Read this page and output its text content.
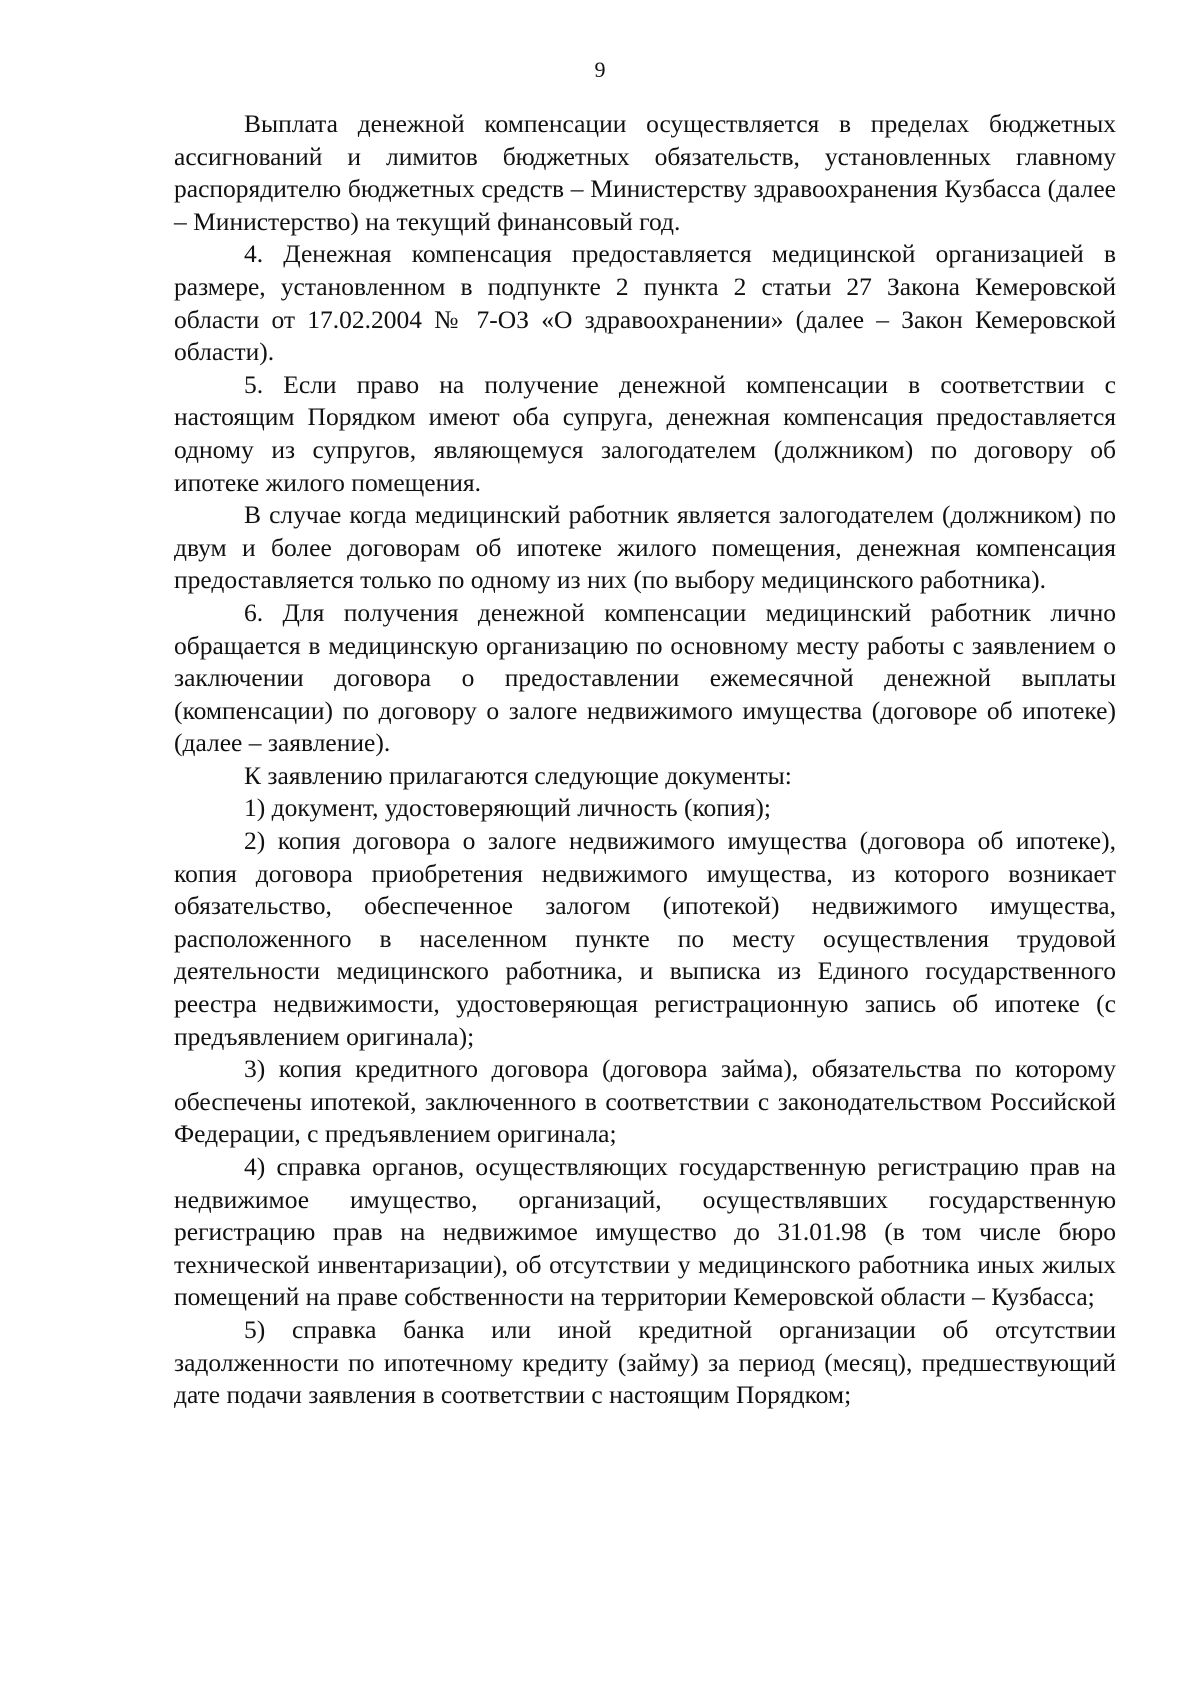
9

Выплата денежной компенсации осуществляется в пределах бюджетных ассигнований и лимитов бюджетных обязательств, установленных главному распорядителю бюджетных средств – Министерству здравоохранения Кузбасса (далее – Министерство) на текущий финансовый год.

4. Денежная компенсация предоставляется медицинской организацией в размере, установленном в подпункте 2 пункта 2 статьи 27 Закона Кемеровской области от 17.02.2004 № 7-ОЗ «О здравоохранении» (далее – Закон Кемеровской области).

5. Если право на получение денежной компенсации в соответствии с настоящим Порядком имеют оба супруга, денежная компенсация предоставляется одному из супругов, являющемуся залогодателем (должником) по договору об ипотеке жилого помещения.

В случае когда медицинский работник является залогодателем (должником) по двум и более договорам об ипотеке жилого помещения, денежная компенсация предоставляется только по одному из них (по выбору медицинского работника).

6. Для получения денежной компенсации медицинский работник лично обращается в медицинскую организацию по основному месту работы с заявлением о заключении договора о предоставлении ежемесячной денежной выплаты (компенсации) по договору о залоге недвижимого имущества (договоре об ипотеке) (далее – заявление).

К заявлению прилагаются следующие документы:

1) документ, удостоверяющий личность (копия);

2) копия договора о залоге недвижимого имущества (договора об ипотеке), копия договора приобретения недвижимого имущества, из которого возникает обязательство, обеспеченное залогом (ипотекой) недвижимого имущества, расположенного в населенном пункте по месту осуществления трудовой деятельности медицинского работника, и выписка из Единого государственного реестра недвижимости, удостоверяющая регистрационную запись об ипотеке (с предъявлением оригинала);

3) копия кредитного договора (договора займа), обязательства по которому обеспечены ипотекой, заключенного в соответствии с законодательством Российской Федерации, с предъявлением оригинала;

4) справка органов, осуществляющих государственную регистрацию прав на недвижимое имущество, организаций, осуществлявших государственную регистрацию прав на недвижимое имущество до 31.01.98 (в том числе бюро технической инвентаризации), об отсутствии у медицинского работника иных жилых помещений на праве собственности на территории Кемеровской области – Кузбасса;

5) справка банка или иной кредитной организации об отсутствии задолженности по ипотечному кредиту (займу) за период (месяц), предшествующий дате подачи заявления в соответствии с настоящим Порядком;
